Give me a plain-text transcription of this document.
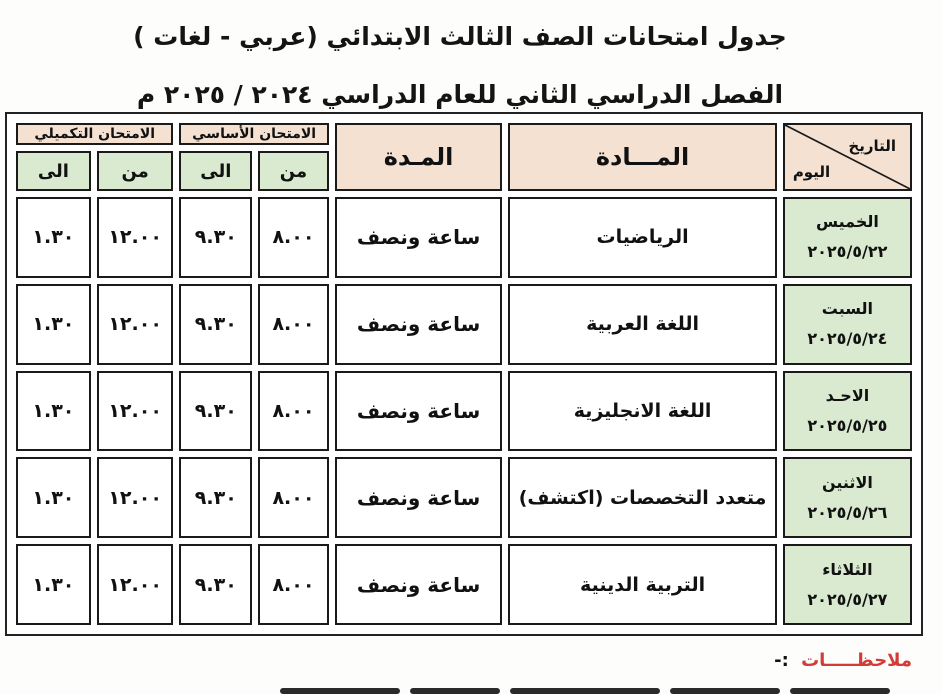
جدول امتحانات الصف الثالث الابتدائي (عربي - لغات )
الفصل الدراسي الثاني للعام الدراسي ٢٠٢٤ / ٢٠٢٥ م
التاريخ
اليوم	المـــادة	المـدة	الامتحان الأساسي		الامتحان التكميلي	
			من	الى	من	الى

الخميس
٢٠٢٥/٥/٢٢	الرياضيات	ساعة ونصف	٨.٠٠	٩.٣٠	١٢.٠٠	١.٣٠

السبت
٢٠٢٥/٥/٢٤	اللغة العربية	ساعة ونصف	٨.٠٠	٩.٣٠	١٢.٠٠	١.٣٠

الاحـد
٢٠٢٥/٥/٢٥	اللغة الانجليزية	ساعة ونصف	٨.٠٠	٩.٣٠	١٢.٠٠	١.٣٠

الاثنين
٢٠٢٥/٥/٢٦	متعدد التخصصات (اكتشف)	ساعة ونصف	٨.٠٠	٩.٣٠	١٢.٠٠	١.٣٠

الثلاثاء
٢٠٢٥/٥/٢٧	التربية الدينية	ساعة ونصف	٨.٠٠	٩.٣٠	١٢.٠٠	١.٣٠
ملاحظـــــات :-
